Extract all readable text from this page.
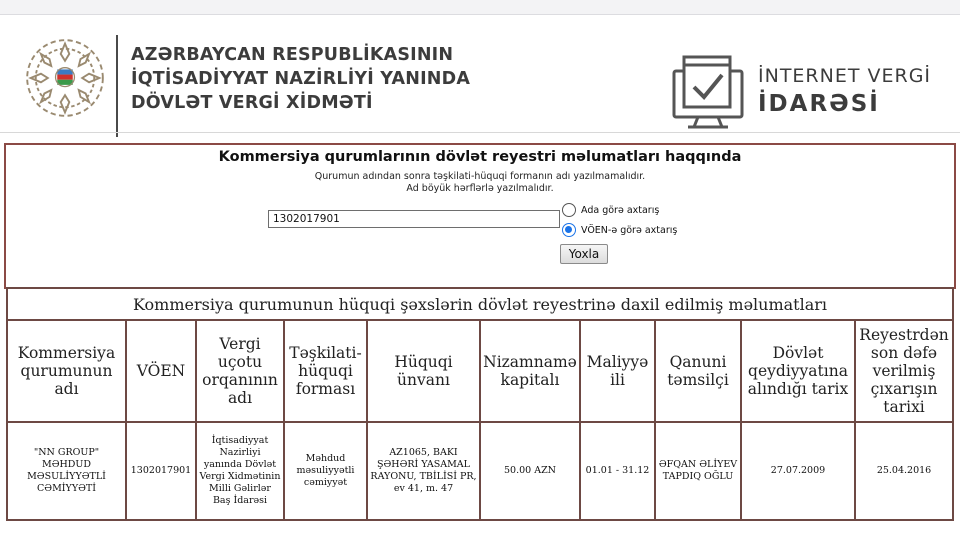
AZƏRBAYCAN RESPUBLİKASININ
İQTİSADİYYAT NAZİRLİYİ YANINDA
DÖVLƏT VERGİ XİDMƏTİ
İNTERNET VERGİ
İDARƏSİ
Kommersiya qurumlarının dövlət reyestri məlumatları haqqında
Qurumun adından sonra təşkilati-hüquqi formanın adı yazılmamalıdır.
Ad böyük hərflərlə yazılmalıdır.
1302017901
Ada görə axtarış
VÖEN-ə görə axtarış
Yoxla
Kommersiya qurumunun hüquqi şəxslərin dövlət reyestrinə daxil edilmiş məlumatları									
Kommersiya qurumunun adı	VÖEN	Vergi uçotu orqanının adı	Təşkilati-hüquqi forması	Hüquqi ünvanı	Nizamnamə kapitalı	Maliyyə ili	Qanuni təmsilçi	Dövlət qeydiyyatına alındığı tarix	Reyestrdən son dəfə verilmiş çıxarışın tarixi
"NN GROUP" MƏHDUD MƏSULİYYƏTLİ CƏMİYYƏTİ	1302017901	İqtisadiyyat Nazirliyi yanında Dövlət Vergi Xidmətinin Milli Gəlirlər Baş İdarəsi	Məhdud məsuliyyətli cəmiyyət	AZ1065, BAKI ŞƏHƏRİ YASAMAL RAYONU, TBİLİSİ PR, ev 41, m. 47	50.00 AZN	01.01 - 31.12	ƏFQAN ƏLİYEV TAPDIQ OĞLU	27.07.2009	25.04.2016
